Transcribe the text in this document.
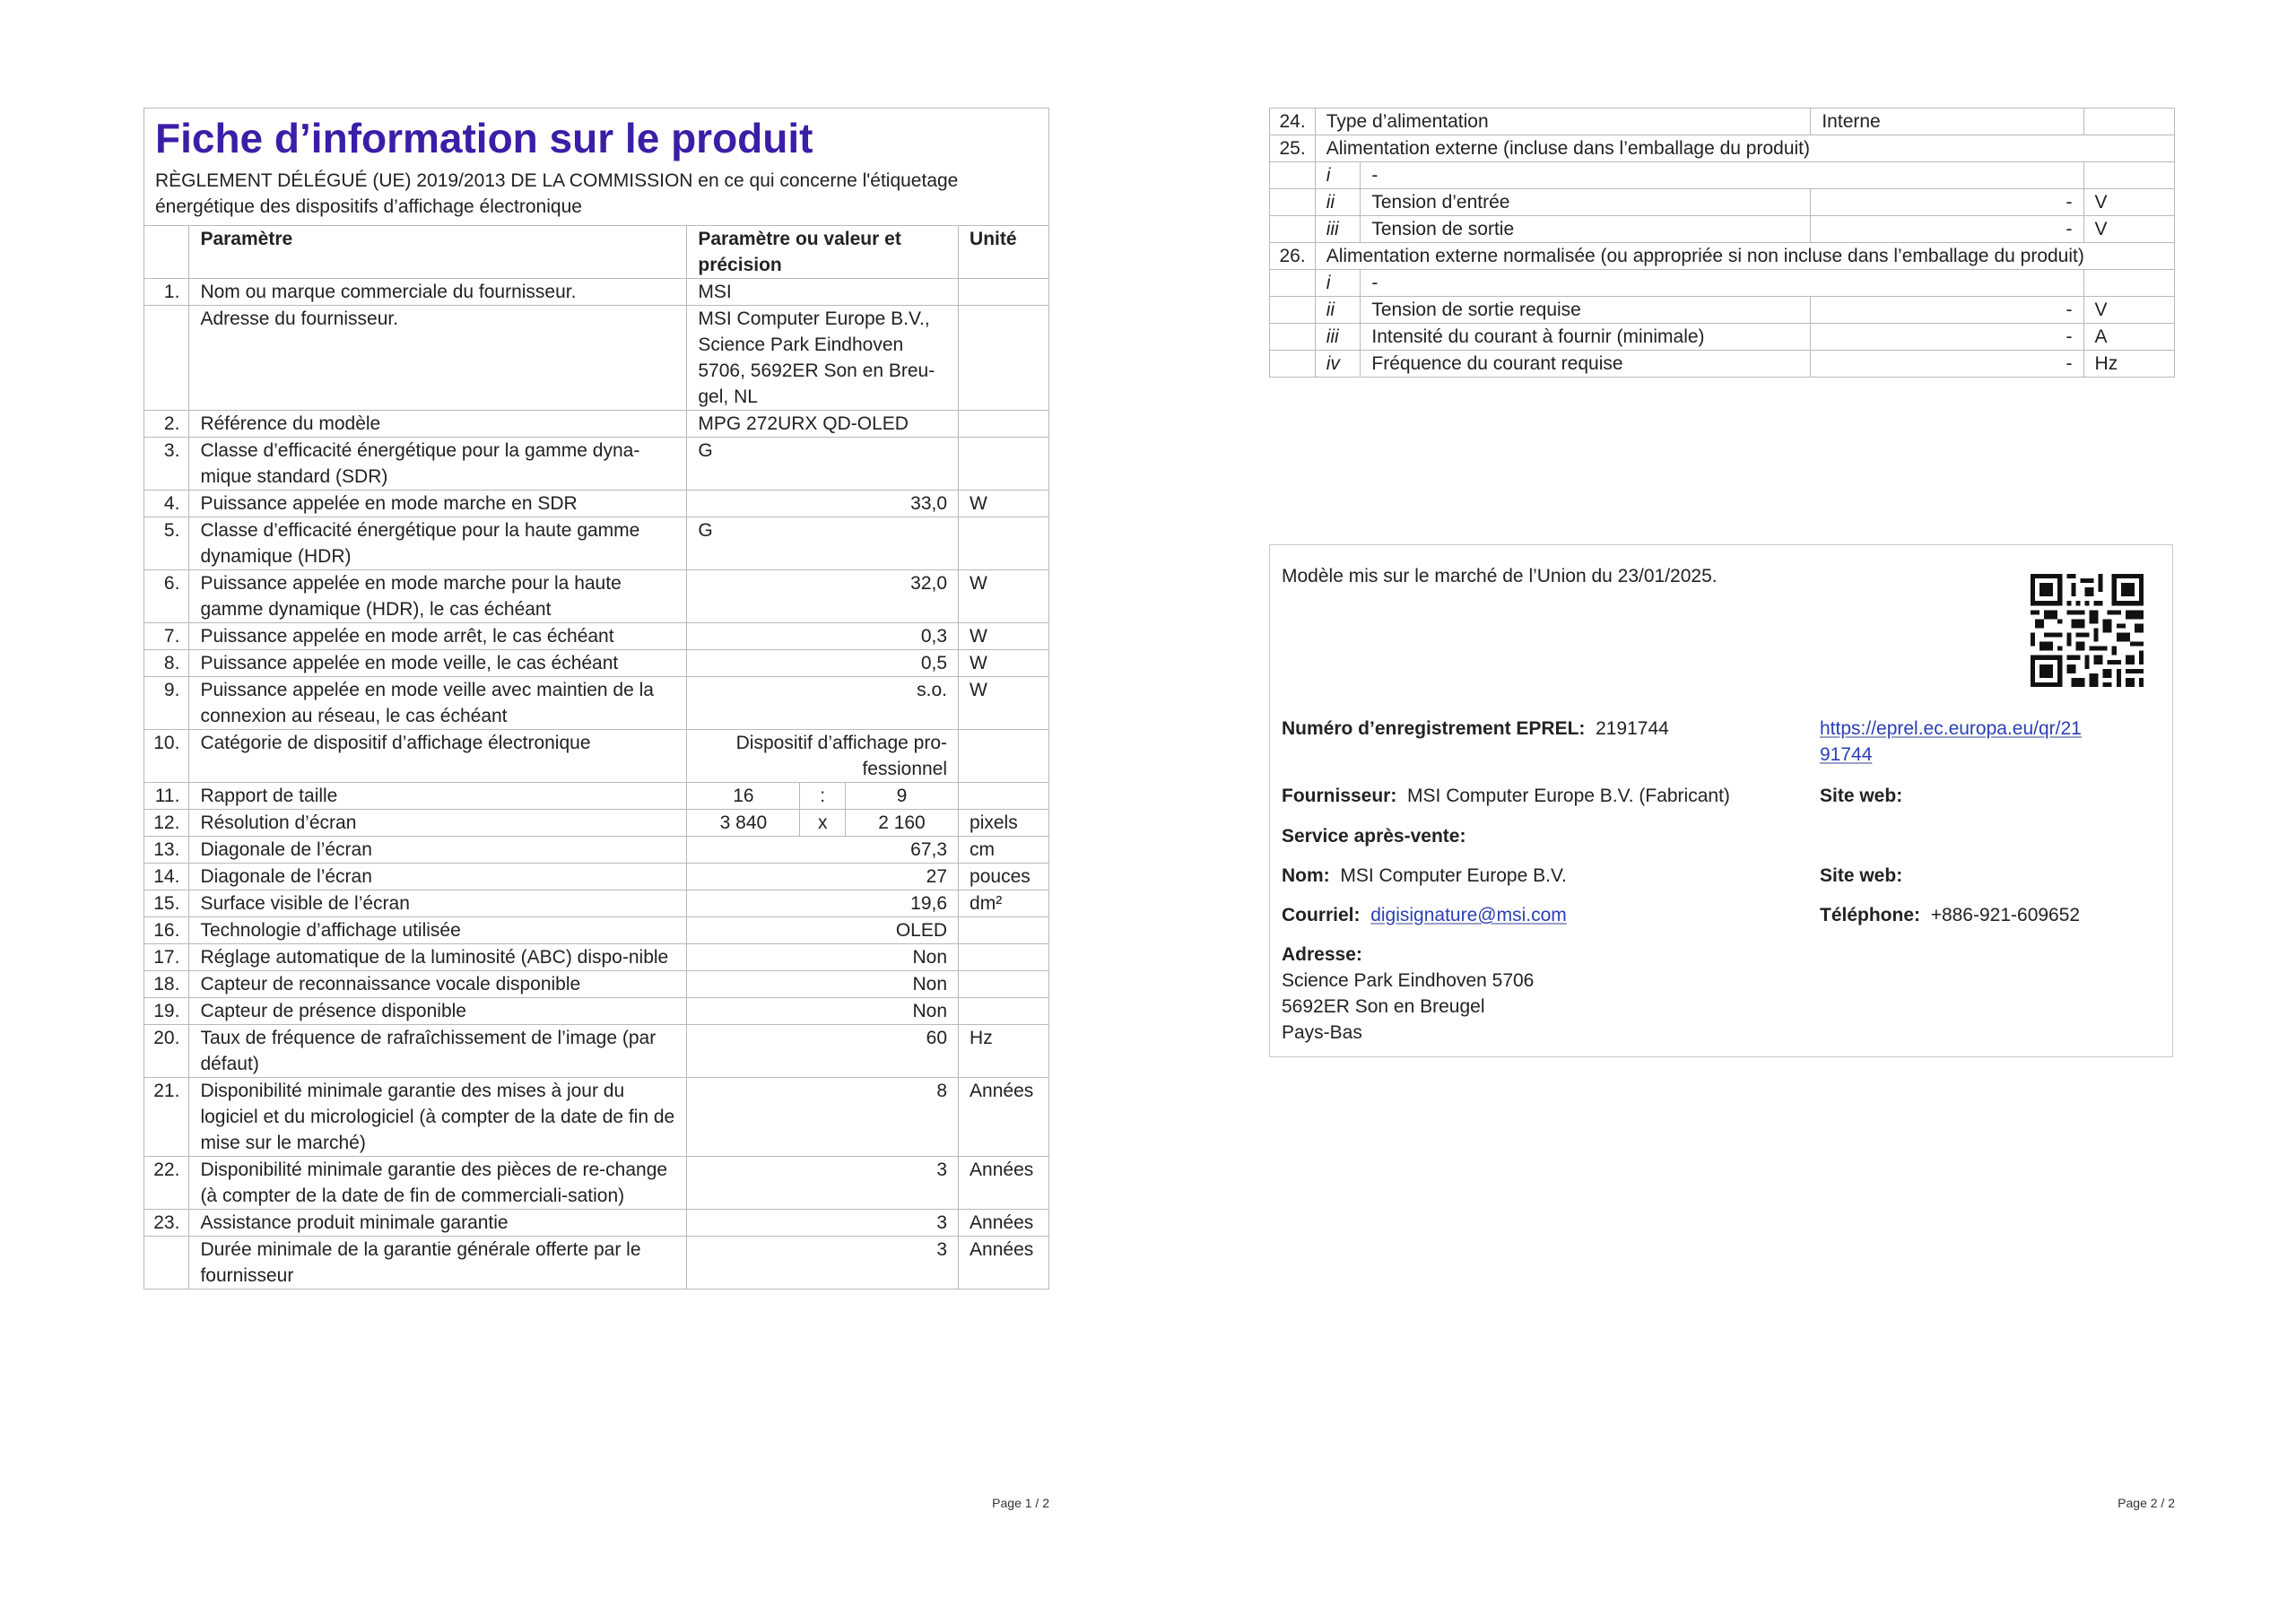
Fiche d’information sur le produit
RÈGLEMENT DÉLÉGUÉ (UE) 2019/2013 DE LA COMMISSION en ce qui concerne l'étiquetage énergétique des dispositifs d’affichage électronique					

	Paramètre	Paramètre ou valeur et précision			Unité
1.	Nom ou marque commerciale du fournisseur.	MSI			
	Adresse du fournisseur.	MSI Computer Europe B.V., Science Park Eindhoven 5706, 5692ER Son en Breu-gel, NL			
2.	Référence du modèle	MPG 272URX QD-OLED			
3.	Classe d’efficacité énergétique pour la gamme dyna-mique standard (SDR)	G			
4.	Puissance appelée en mode marche en SDR	33,0			W
5.	Classe d’efficacité énergétique pour la haute gamme dynamique (HDR)	G			
6.	Puissance appelée en mode marche pour la haute gamme dynamique (HDR), le cas échéant	32,0			W
7.	Puissance appelée en mode arrêt, le cas échéant	0,3			W
8.	Puissance appelée en mode veille, le cas échéant	0,5			W
9.	Puissance appelée en mode veille avec maintien de la connexion au réseau, le cas échéant	s.o.			W
10.	Catégorie de dispositif d’affichage électronique	Dispositif d’affichage pro-fessionnel			
11.	Rapport de taille	16	:	9	
12.	Résolution d’écran	3 840	x	2 160	pixels
13.	Diagonale de l’écran	67,3			cm
14.	Diagonale de l’écran	27			pouces
15.	Surface visible de l’écran	19,6			dm²
16.	Technologie d’affichage utilisée	OLED			
17.	Réglage automatique de la luminosité (ABC) dispo-nible	Non			
18.	Capteur de reconnaissance vocale disponible	Non			
19.	Capteur de présence disponible	Non			
20.	Taux de fréquence de rafraîchissement de l’image (par défaut)	60			Hz
21.	Disponibilité minimale garantie des mises à jour du logiciel et du micrologiciel (à compter de la date de fin de mise sur le marché)	8			Années
22.	Disponibilité minimale garantie des pièces de re-change (à compter de la date de fin de commerciali-sation)	3			Années
23.	Assistance produit minimale garantie	3			Années
	Durée minimale de la garantie générale offerte par le fournisseur	3			Années
Page 1 / 2
24.	Type d’alimentation		Interne	
25.	Alimentation externe (incluse dans l’emballage du produit)			
	i	-		
	ii	Tension d’entrée	-	V
	iii	Tension de sortie	-	V
26.	Alimentation externe normalisée (ou appropriée si non incluse dans l’emballage du produit)			
	i	-		
	ii	Tension de sortie requise	-	V
	iii	Intensité du courant à fournir (minimale)	-	A
	iv	Fréquence du courant requise	-	Hz
Modèle mis sur le marché de l’Union du 23/01/2025.
Numéro d’enregistrement EPREL: 2191744	https://eprel.ec.europa.eu/qr/21
91744
Fournisseur: MSI Computer Europe B.V. (Fabricant)	Site web:
Service après-vente:
Nom: MSI Computer Europe B.V.	Site web:
Courriel: digisignature@msi.com	Téléphone: +886-921-609652
Adresse:
Science Park Eindhoven 5706
5692ER Son en Breugel
Pays-Bas
Page 2 / 2
